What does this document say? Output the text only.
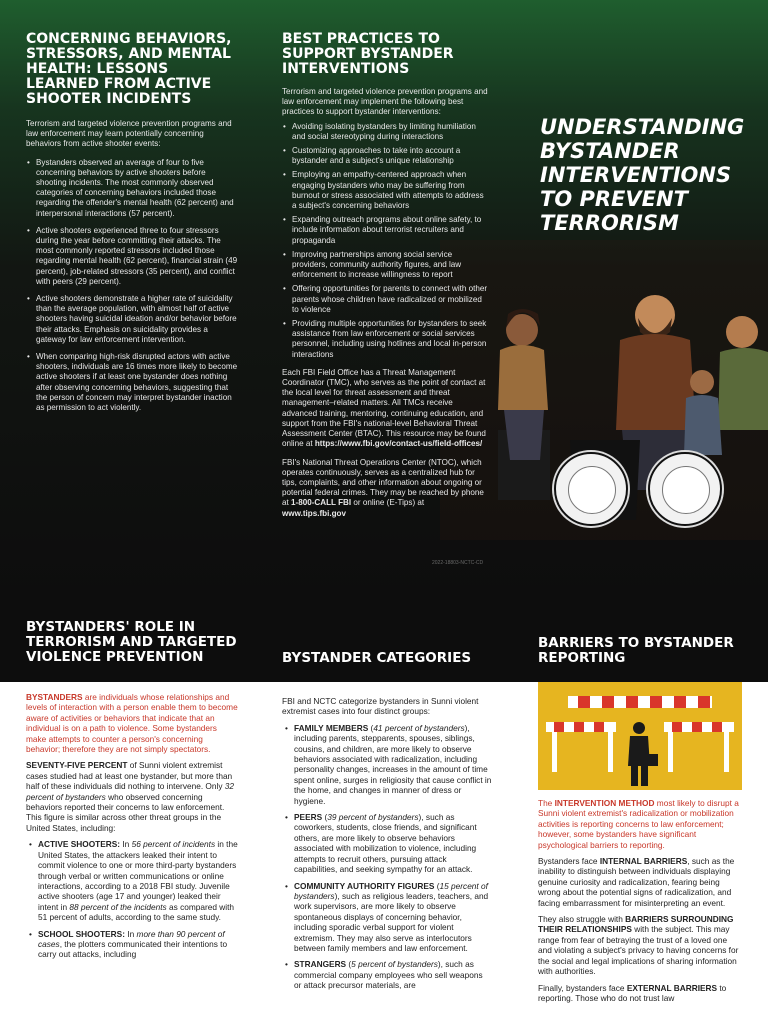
CONCERNING BEHAVIORS, STRESSORS, AND MENTAL HEALTH: LESSONS LEARNED FROM ACTIVE SHOOTER INCIDENTS

Terrorism and targeted violence prevention programs and law enforcement may learn potentially concerning behaviors from active shooter events:

• Bystanders observed an average of four to five concerning behaviors by active shooters before shooting incidents. The most commonly observed categories of concerning behaviors included those regarding the offender's mental health (62 percent) and interpersonal interactions (57 percent).
• Active shooters experienced three to four stressors during the year before committing their attacks. The most commonly reported stressors included those regarding mental health (62 percent), financial strain (49 percent), job-related stressors (35 percent), and conflict with peers (29 percent).
• Active shooters demonstrate a higher rate of suicidality than the average population, with almost half of active shooters having suicidal ideation and/or behavior before their attacks. Emphasis on suicidality provides a gateway for law enforcement intervention.
• When comparing high-risk disrupted actors with active shooters, individuals are 16 times more likely to become active shooters if at least one bystander does nothing after observing concerning behaviors, suggesting that the person of concern may interpret bystander inaction as permission to act violently.
BEST PRACTICES TO SUPPORT BYSTANDER INTERVENTIONS

Terrorism and targeted violence prevention programs and law enforcement may implement the following best practices to support bystander interventions:

• Avoiding isolating bystanders by limiting humiliation and social stereotyping during interactions
• Customizing approaches to take into account a bystander and a subject's unique relationship
• Employing an empathy-centered approach when engaging bystanders who may be suffering from burnout or stress associated with attempts to address a subject's concerning behaviors
• Expanding outreach programs about online safety, to include information about terrorist recruiters and propaganda
• Improving partnerships among social service providers, community authority figures, and law enforcement to increase willingness to report
• Offering opportunities for parents to connect with other parents whose children have radicalized or mobilized to violence
• Providing multiple opportunities for bystanders to seek assistance from law enforcement or social services personnel, including using hotlines and local in-person interactions

Each FBI Field Office has a Threat Management Coordinator (TMC), who serves as the point of contact at the local level for threat assessment and threat management–related matters. All TMCs receive advanced training, mentoring, continuing education, and support from the FBI's national-level Behavioral Threat Assessment Center (BTAC). This resource may be found online at https://www.fbi.gov/contact-us/field-offices/

FBI's National Threat Operations Center (NTOC), which operates continuously, serves as a centralized hub for tips, complaints, and other information about ongoing or potential federal crimes. They may be reached by phone at 1-800-CALL FBI or online (E-Tips) at www.tips.fbi.gov

UNDERSTANDING BYSTANDER INTERVENTIONS TO PREVENT TERRORISM
2022-18803-NCTC-CD
BYSTANDERS' ROLE IN TERRORISM AND TARGETED VIOLENCE PREVENTION	BYSTANDER CATEGORIES
BARRIERS TO BYSTANDER REPORTING

BYSTANDERS are individuals whose relationships and levels of interaction with a person enable them to become aware of activities or behaviors that indicate that an individual is on a path to violence. Some bystanders make attempts to counter a person's concerning behavior; therefore they are not simply spectators.

SEVENTY-FIVE PERCENT of Sunni violent extremist cases studied had at least one bystander, but more than half of these individuals did nothing to intervene. Only 32 percent of bystanders who observed concerning behaviors reported their concerns to law enforcement. This figure is similar across other threat groups in the United States, including:

• ACTIVE SHOOTERS: In 56 percent of incidents in the United States, the attackers leaked their intent to commit violence to one or more third-party bystanders through verbal or written communications or online interactions, according to a 2018 FBI study. Juvenile active shooters (age 17 and younger) leaked their intent in 88 percent of the incidents as compared with 51 percent of adults, according to the same study.
• SCHOOL SHOOTERS: In more than 90 percent of cases, the plotters communicated their intentions to carry out attacks, including

FBI and NCTC categorize bystanders in Sunni violent extremist cases into four distinct groups:

• FAMILY MEMBERS (41 percent of bystanders), including parents, stepparents, spouses, siblings, cousins, and children, are more likely to observe behaviors associated with radicalization, including personality changes, increases in the amount of time spent online, surges in religiosity that cause conflict in the home, and changes in manner of dress or hygiene.
• PEERS (39 percent of bystanders), such as coworkers, students, close friends, and significant others, are more likely to observe behaviors associated with mobilization to violence, including attempts to recruit others, pursuing attack capabilities, and seeking sympathy for an attack.
• COMMUNITY AUTHORITY FIGURES (15 percent of bystanders), such as religious leaders, teachers, and work supervisors, are more likely to observe spontaneous displays of concerning behavior, including sporadic verbal support for violent extremism. They may also serve as interlocutors between family members and law enforcement.
• STRANGERS (5 percent of bystanders), such as commercial company employees who sell weapons or attack precursor materials, are

The INTERVENTION METHOD most likely to disrupt a Sunni violent extremist's radicalization or mobilization activities is reporting concerns to law enforcement; however, some bystanders have significant psychological barriers to reporting.

Bystanders face INTERNAL BARRIERS, such as the inability to distinguish between individuals displaying genuine curiosity and radicalization, fearing being wrong about the potential signs of radicalization, and facing embarrassment for misinterpreting an event.

They also struggle with BARRIERS SURROUNDING THEIR RELATIONSHIPS with the subject. This may range from fear of betraying the trust of a loved one and violating a subject's privacy to having concerns for the social and legal implications of sharing information with authorities.

Finally, bystanders face EXTERNAL BARRIERS to reporting. Those who do not trust law
